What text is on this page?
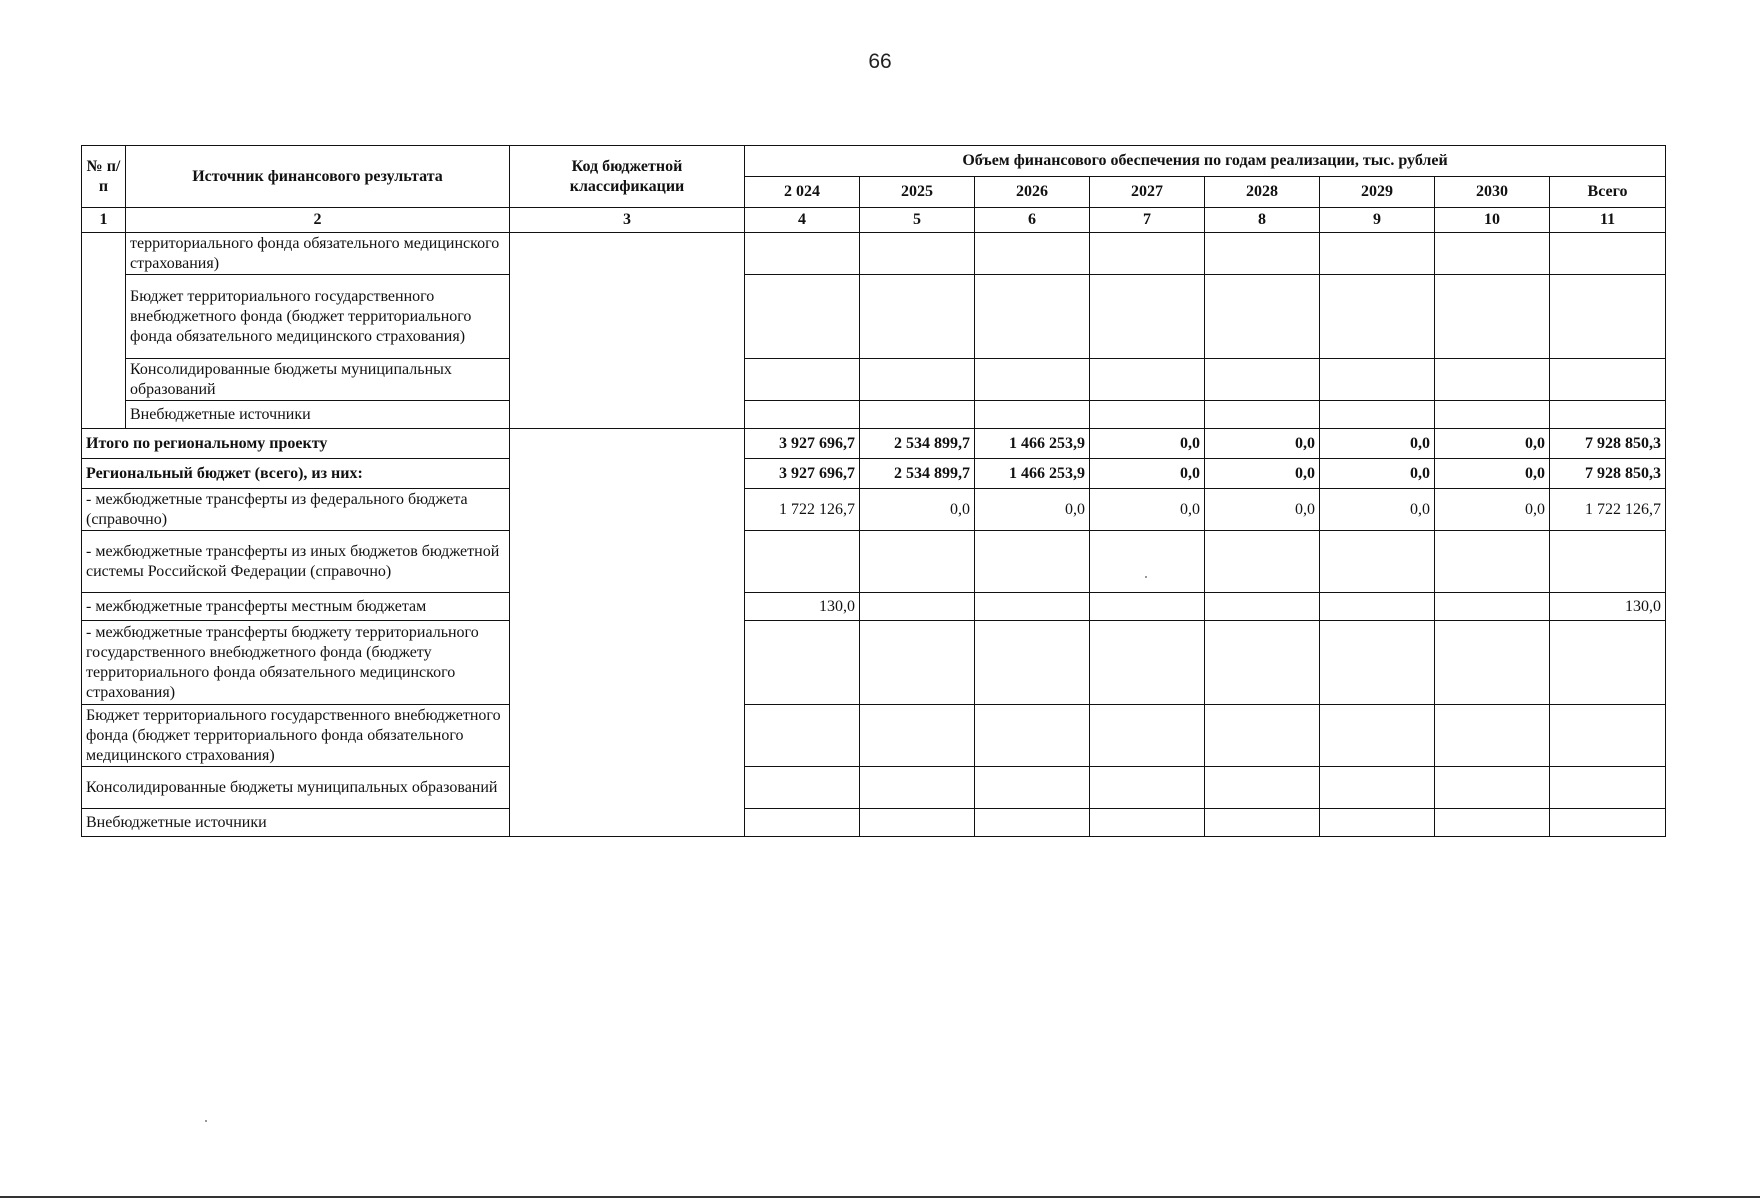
66
№ п/п	Источник финансового результата	Код бюджетной классификации	Объем финансового обеспечения по годам реализации, тыс. рублей							
			2 024	2025	2026	2027	2028	2029	2030	Всего
1	2	3	4	5	6	7	8	9	10	11
	территориального фонда обязательного медицинского страхования)									
	Бюджет территориального государственного внебюджетного фонда (бюджет территориального фонда обязательного медицинского страхования)									
	Консолидированные бюджеты муниципальных образований									
	Внебюджетные источники									
Итого по региональному проекту			3 927 696,7	2 534 899,7	1 466 253,9	0,0	0,0	0,0	0,0	7 928 850,3
Региональный бюджет (всего), из них:			3 927 696,7	2 534 899,7	1 466 253,9	0,0	0,0	0,0	0,0	7 928 850,3
- межбюджетные трансферты из федерального бюджета (справочно)			1 722 126,7	0,0	0,0	0,0	0,0	0,0	0,0	1 722 126,7
- межбюджетные трансферты из иных бюджетов бюджетной системы Российской Федерации (справочно)										
- межбюджетные трансферты местным бюджетам			130,0							130,0
- межбюджетные трансферты бюджету территориального государственного внебюджетного фонда (бюджету территориального фонда обязательного медицинского страхования)										
Бюджет территориального государственного внебюджетного фонда (бюджет территориального фонда обязательного медицинского страхования)										
Консолидированные бюджеты муниципальных образований										
Внебюджетные источники										
